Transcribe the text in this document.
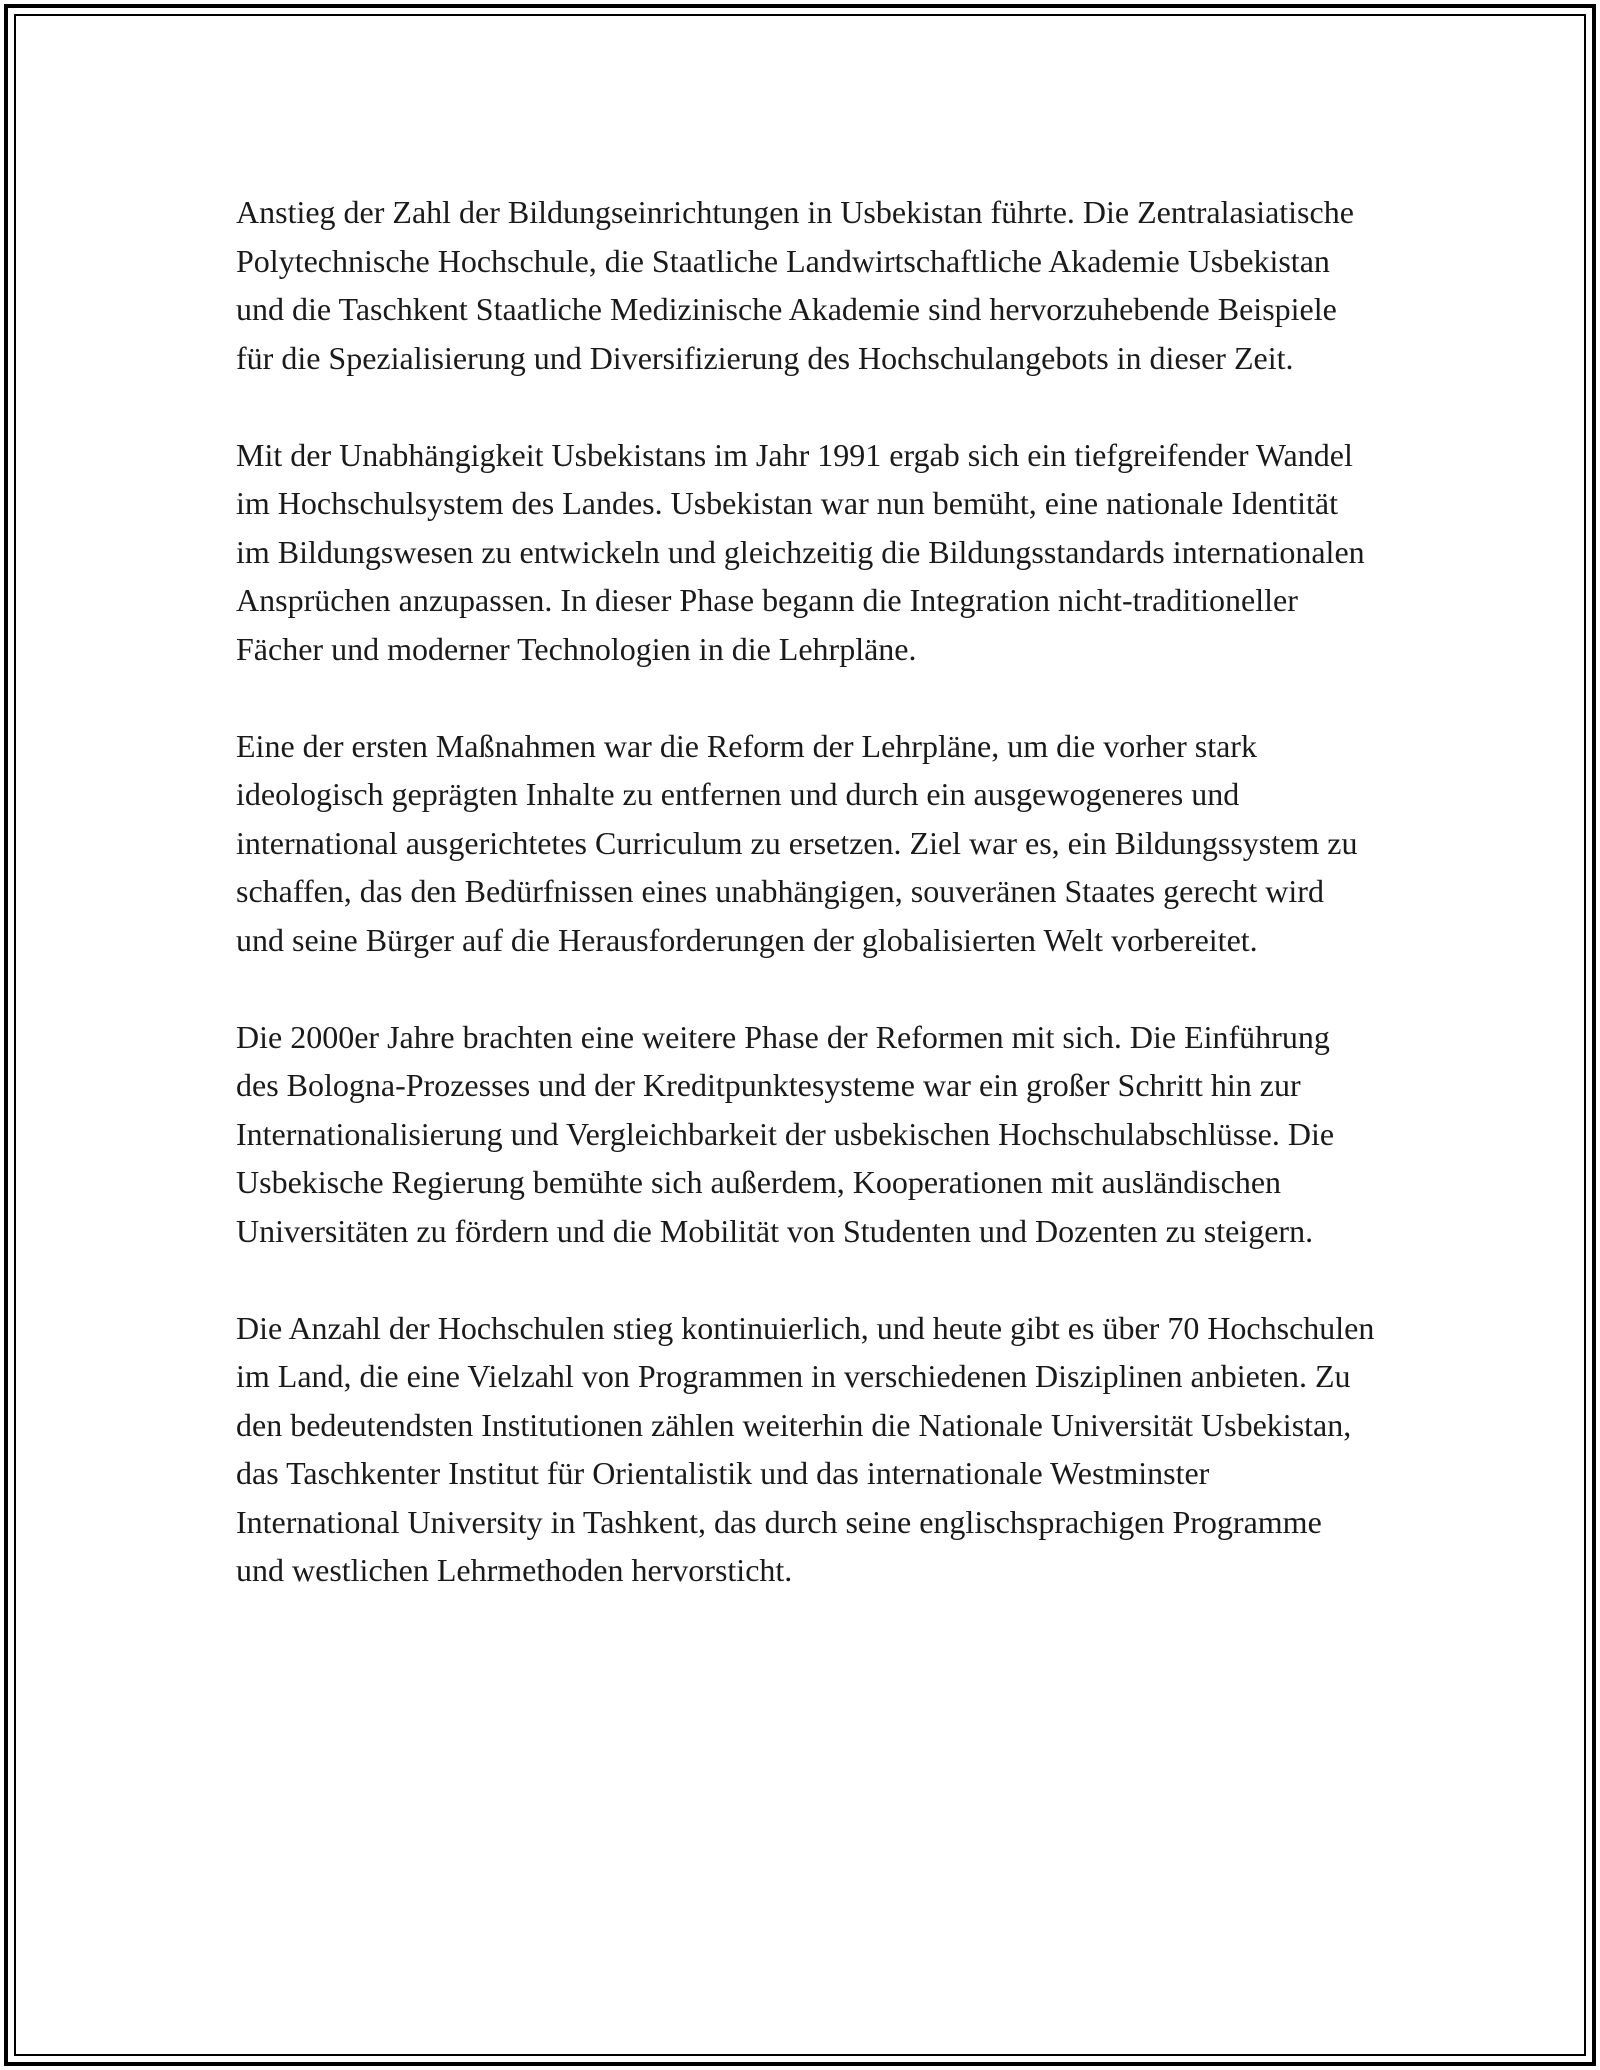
Anstieg der Zahl der Bildungseinrichtungen in Usbekistan führte. Die Zentralasiatische Polytechnische Hochschule, die Staatliche Landwirtschaftliche Akademie Usbekistan und die Taschkent Staatliche Medizinische Akademie sind hervorzuhebende Beispiele für die Spezialisierung und Diversifizierung des Hochschulangebots in dieser Zeit.

Mit der Unabhängigkeit Usbekistans im Jahr 1991 ergab sich ein tiefgreifender Wandel im Hochschulsystem des Landes. Usbekistan war nun bemüht, eine nationale Identität im Bildungswesen zu entwickeln und gleichzeitig die Bildungsstandards internationalen Ansprüchen anzupassen. In dieser Phase begann die Integration nicht-traditioneller Fächer und moderner Technologien in die Lehrpläne.

Eine der ersten Maßnahmen war die Reform der Lehrpläne, um die vorher stark ideologisch geprägten Inhalte zu entfernen und durch ein ausgewogeneres und international ausgerichtetes Curriculum zu ersetzen. Ziel war es, ein Bildungssystem zu schaffen, das den Bedürfnissen eines unabhängigen, souveränen Staates gerecht wird und seine Bürger auf die Herausforderungen der globalisierten Welt vorbereitet.

Die 2000er Jahre brachten eine weitere Phase der Reformen mit sich. Die Einführung des Bologna-Prozesses und der Kreditpunktesysteme war ein großer Schritt hin zur Internationalisierung und Vergleichbarkeit der usbekischen Hochschulabschlüsse. Die Usbekische Regierung bemühte sich außerdem, Kooperationen mit ausländischen Universitäten zu fördern und die Mobilität von Studenten und Dozenten zu steigern.

Die Anzahl der Hochschulen stieg kontinuierlich, und heute gibt es über 70 Hochschulen im Land, die eine Vielzahl von Programmen in verschiedenen Disziplinen anbieten. Zu den bedeutendsten Institutionen zählen weiterhin die Nationale Universität Usbekistan, das Taschkenter Institut für Orientalistik und das internationale Westminster International University in Tashkent, das durch seine englischsprachigen Programme und westlichen Lehrmethoden hervorsticht.
